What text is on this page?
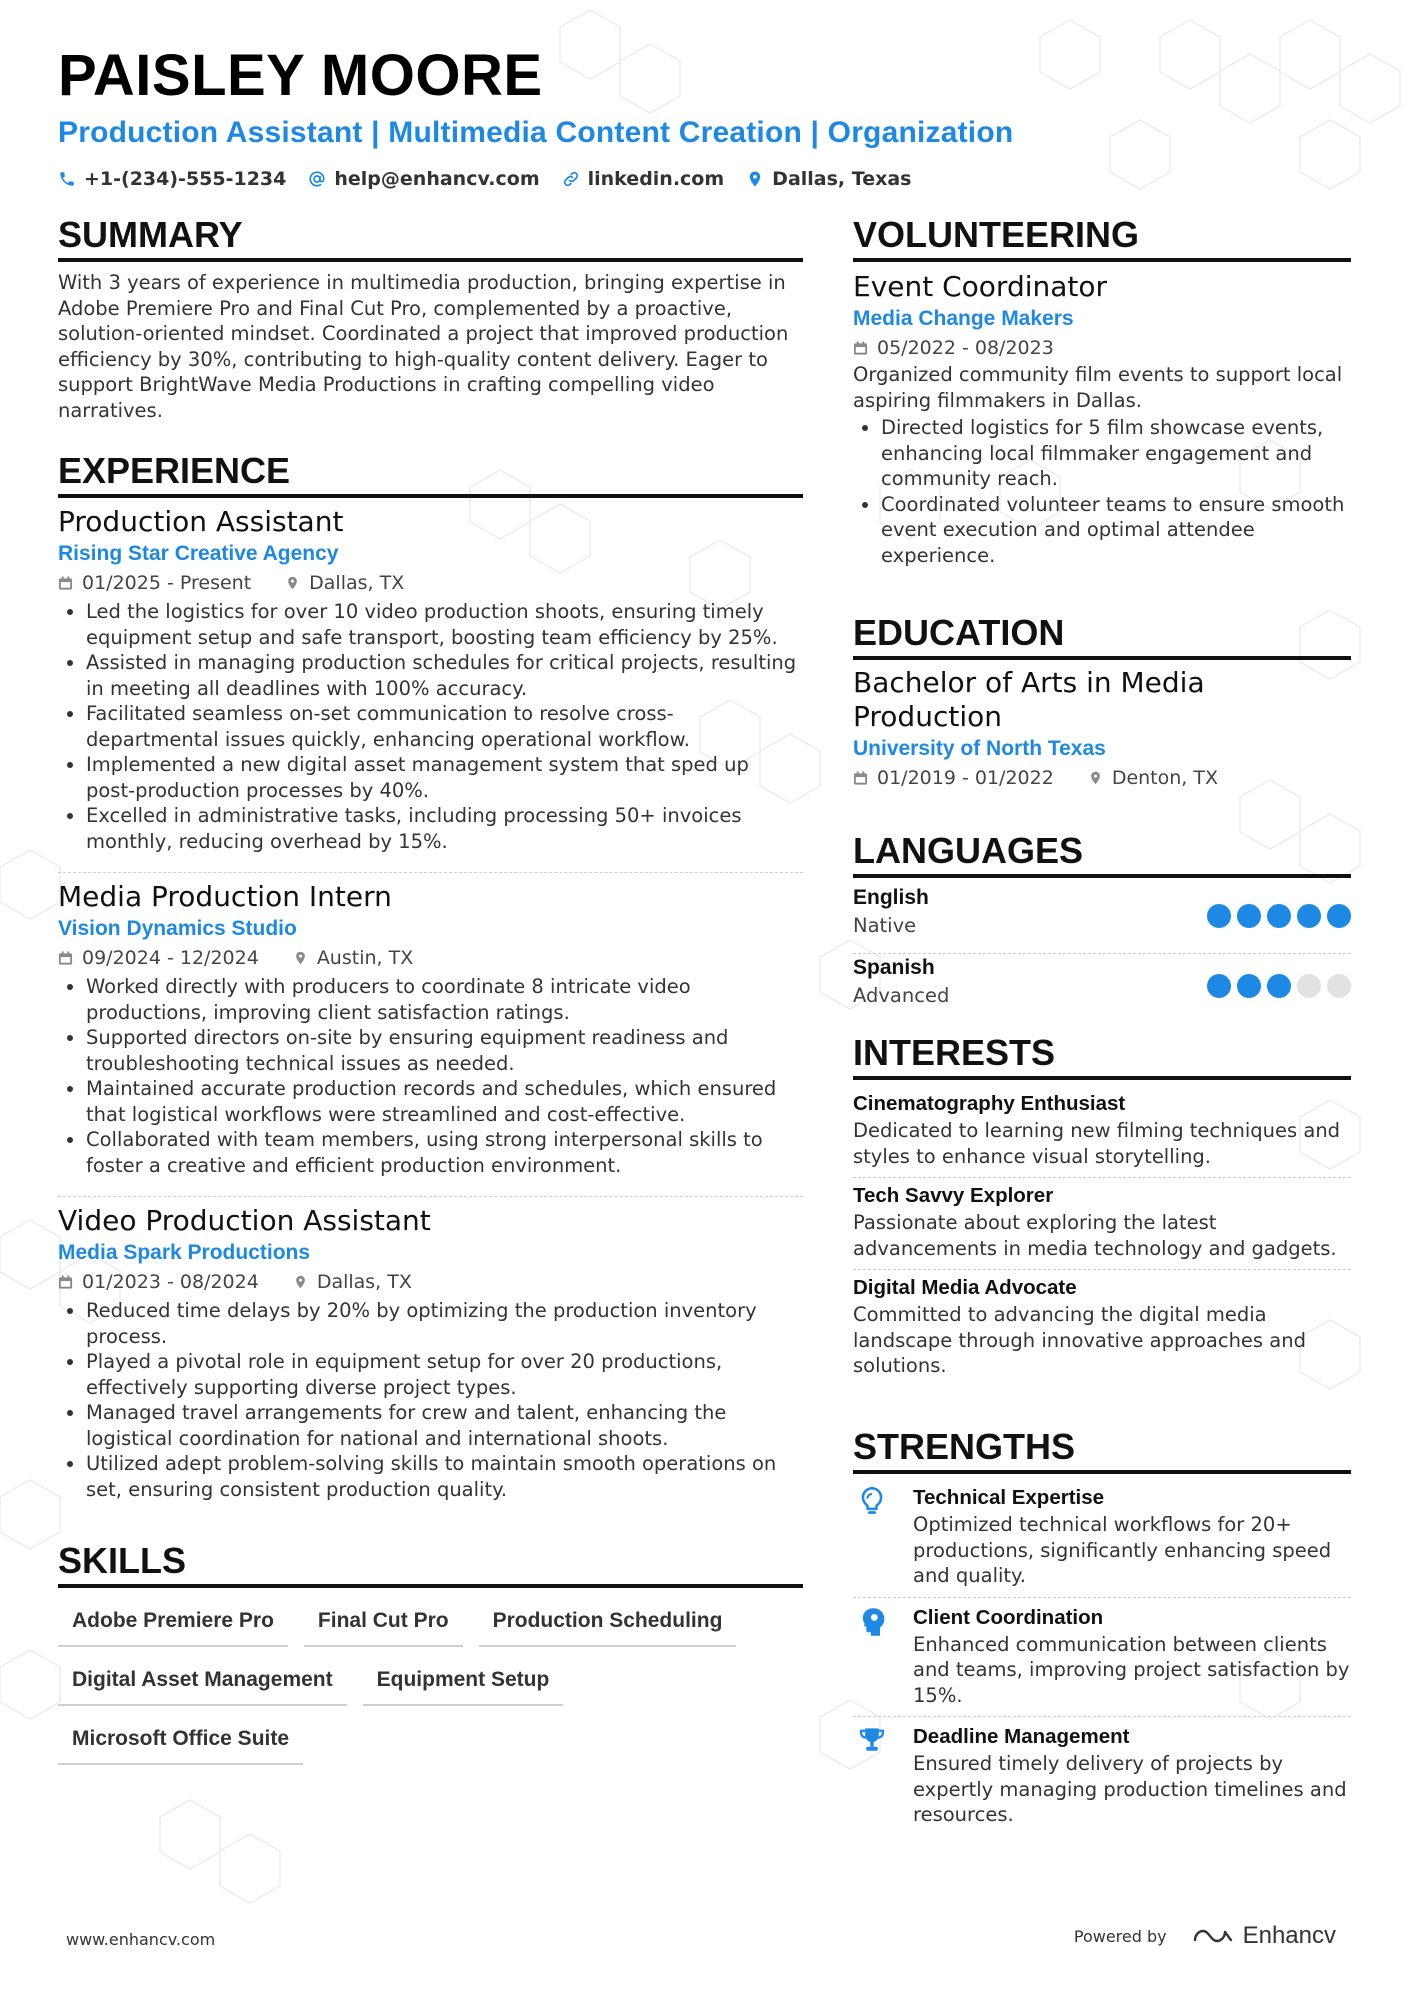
PAISLEY MOORE
Production Assistant | Multimedia Content Creation | Organization
+1-(234)-555-1234	help@enhancv.com	linkedin.com	Dallas, Texas
SUMMARY
With 3 years of experience in multimedia production, bringing expertise in Adobe Premiere Pro and Final Cut Pro, complemented by a proactive, solution-oriented mindset. Coordinated a project that improved production efficiency by 30%, contributing to high-quality content delivery. Eager to support BrightWave Media Productions in crafting compelling video narratives.
EXPERIENCE
Production Assistant
Rising Star Creative Agency
01/2025 - Present	Dallas, TX
• Led the logistics for over 10 video production shoots, ensuring timely equipment setup and safe transport, boosting team efficiency by 25%.
• Assisted in managing production schedules for critical projects, resulting in meeting all deadlines with 100% accuracy.
• Facilitated seamless on-set communication to resolve cross-departmental issues quickly, enhancing operational workflow.
• Implemented a new digital asset management system that sped up post-production processes by 40%.
• Excelled in administrative tasks, including processing 50+ invoices monthly, reducing overhead by 15%.
Media Production Intern
Vision Dynamics Studio
09/2024 - 12/2024	Austin, TX
• Worked directly with producers to coordinate 8 intricate video productions, improving client satisfaction ratings.
• Supported directors on-site by ensuring equipment readiness and troubleshooting technical issues as needed.
• Maintained accurate production records and schedules, which ensured that logistical workflows were streamlined and cost-effective.
• Collaborated with team members, using strong interpersonal skills to foster a creative and efficient production environment.
Video Production Assistant
Media Spark Productions
01/2023 - 08/2024	Dallas, TX
• Reduced time delays by 20% by optimizing the production inventory process.
• Played a pivotal role in equipment setup for over 20 productions, effectively supporting diverse project types.
• Managed travel arrangements for crew and talent, enhancing the logistical coordination for national and international shoots.
• Utilized adept problem-solving skills to maintain smooth operations on set, ensuring consistent production quality.
SKILLS
Adobe Premiere Pro	Final Cut Pro	Production Scheduling
Digital Asset Management	Equipment Setup
Microsoft Office Suite
VOLUNTEERING
Event Coordinator
Media Change Makers
05/2022 - 08/2023
Organized community film events to support local aspiring filmmakers in Dallas.
• Directed logistics for 5 film showcase events, enhancing local filmmaker engagement and community reach.
• Coordinated volunteer teams to ensure smooth event execution and optimal attendee experience.
EDUCATION
Bachelor of Arts in Media Production
University of North Texas
01/2019 - 01/2022	Denton, TX
LANGUAGES
English
Native
Spanish
Advanced
INTERESTS
Cinematography Enthusiast
Dedicated to learning new filming techniques and styles to enhance visual storytelling.
Tech Savvy Explorer
Passionate about exploring the latest advancements in media technology and gadgets.
Digital Media Advocate
Committed to advancing the digital media landscape through innovative approaches and solutions.
STRENGTHS
Technical Expertise
Optimized technical workflows for 20+ productions, significantly enhancing speed and quality.
Client Coordination
Enhanced communication between clients and teams, improving project satisfaction by 15%.
Deadline Management
Ensured timely delivery of projects by expertly managing production timelines and resources.
www.enhancv.com	Powered by	Enhancv
